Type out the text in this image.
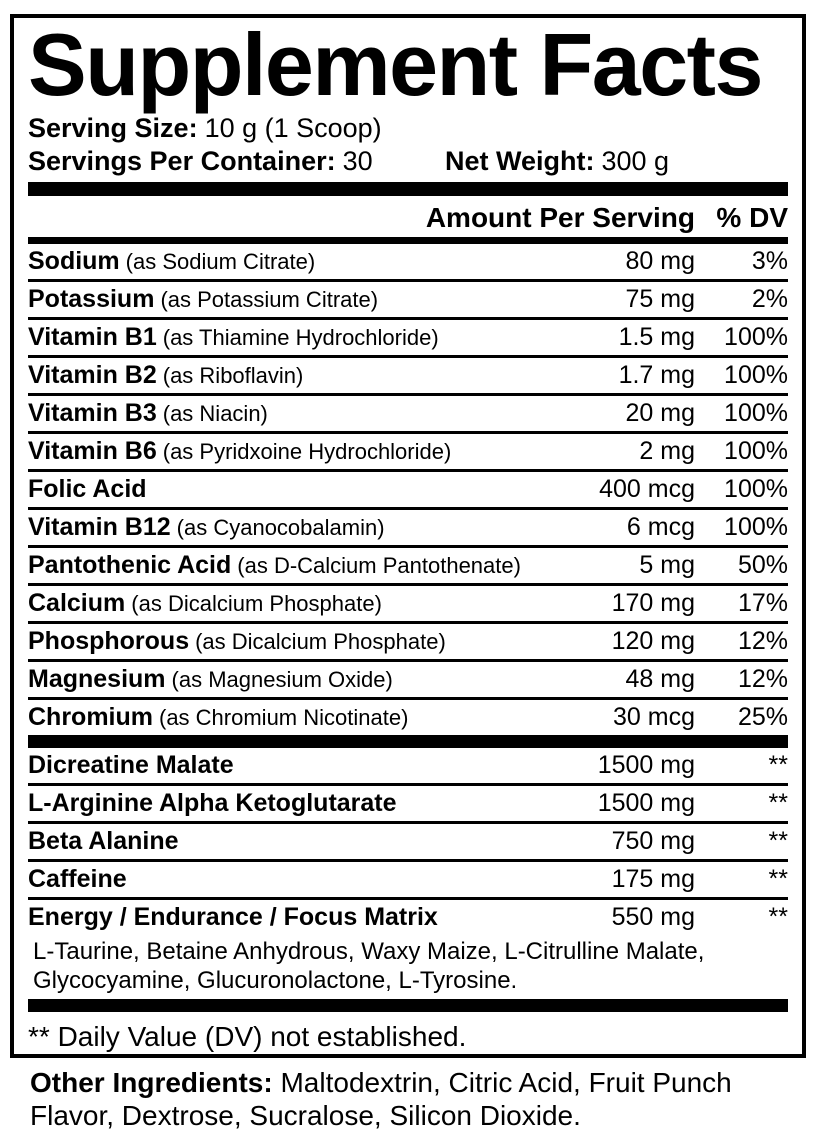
Supplement Facts
Serving Size: 10 g (1 Scoop)
Servings Per Container: 30	Net Weight: 300 g
Amount Per Serving % DV
Sodium (as Sodium Citrate)	80 mg	3%
Potassium (as Potassium Citrate)	75 mg	2%
Vitamin B1 (as Thiamine Hydrochloride)	1.5 mg	100%
Vitamin B2 (as Riboflavin)	1.7 mg	100%
Vitamin B3 (as Niacin)	20 mg	100%
Vitamin B6 (as Pyridxoine Hydrochloride)	2 mg	100%
Folic Acid	400 mcg	100%
Vitamin B12 (as Cyanocobalamin)	6 mcg	100%
Pantothenic Acid (as D-Calcium Pantothenate)	5 mg	50%
Calcium (as Dicalcium Phosphate)	170 mg	17%
Phosphorous (as Dicalcium Phosphate)	120 mg	12%
Magnesium (as Magnesium Oxide)	48 mg	12%
Chromium (as Chromium Nicotinate)	30 mcg	25%
Dicreatine Malate	1500 mg	**
L-Arginine Alpha Ketoglutarate	1500 mg	**
Beta Alanine	750 mg	**
Caffeine	175 mg	**
Energy / Endurance / Focus Matrix	550 mg	**
L-Taurine, Betaine Anhydrous, Waxy Maize, L-Citrulline Malate, Glycocyamine, Glucuronolactone, L-Tyrosine.
** Daily Value (DV) not established.
Other Ingredients: Maltodextrin, Citric Acid, Fruit Punch Flavor, Dextrose, Sucralose, Silicon Dioxide.
